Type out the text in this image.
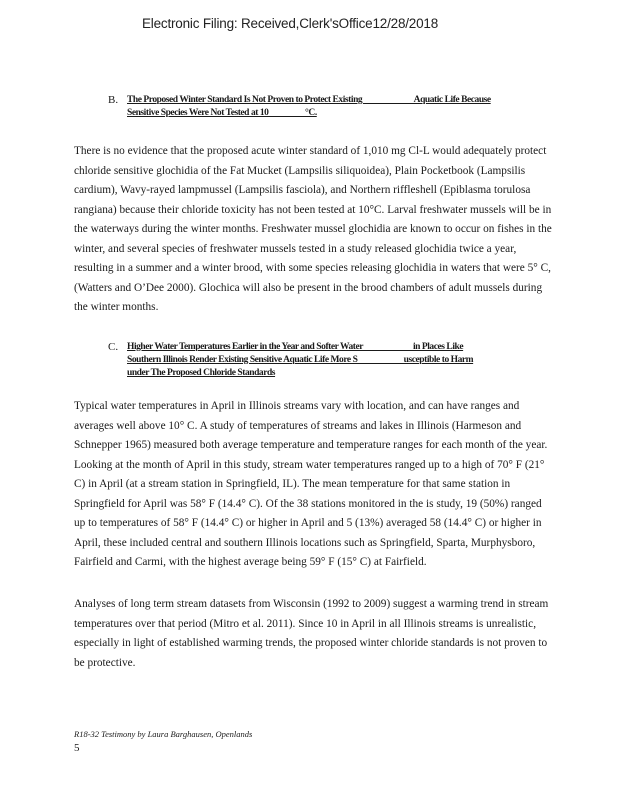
Electronic Filing: Received,Clerk'sOffice12/28/2018
B. The Proposed Winter Standard Is Not Proven to Protect Existing                           Aquatic Life Because
Sensitive Species Were Not Tested at 10                   °C.

There is no evidence that the proposed acute winter standard of 1,010 mg Cl-L would adequately protect chloride sensitive glochidia of the Fat Mucket (Lampsilis siliquoidea), Plain Pocketbook (Lampsilis cardium), Wavy-rayed lampmussel (Lampsilis fasciola), and Northern riffleshell (Epiblasma torulosa rangiana) because their chloride toxicity has not been tested at 10°C. Larval freshwater mussels will be in the waterways during the winter months. Freshwater mussel glochidia are known to occur on fishes in the winter, and several species of freshwater mussels tested in a study released glochidia twice a year, resulting in a summer and a winter brood, with some species releasing glochidia in waters that were 5° C, (Watters and O’Dee 2000). Glochica will also be present in the brood chambers of adult mussels during the winter months.

C. Higher Water Temperatures Earlier in the Year and Softer Water                          in Places Like
Southern Illinois Render Existing Sensitive Aquatic Life More S                        usceptible to Harm
under The Proposed Chloride Standards

Typical water temperatures in April in Illinois streams vary with location, and can have ranges and averages well above 10° C. A study of temperatures of streams and lakes in Illinois (Harmeson and Schnepper 1965) measured both average temperature and temperature ranges for each month of the year. Looking at the month of April in this study, stream water temperatures ranged up to a high of 70° F (21° C) in April (at a stream station in Springfield, IL). The mean temperature for that same station in Springfield for April was 58° F (14.4° C). Of the 38 stations monitored in the is study, 19 (50%) ranged up to temperatures of 58° F (14.4° C) or higher in April and 5 (13%) averaged 58 (14.4° C) or higher in April, these included central and southern Illinois locations such as Springfield, Sparta, Murphysboro, Fairfield and Carmi, with the highest average being 59° F (15° C) at Fairfield.

Analyses of long term stream datasets from Wisconsin (1992 to 2009) suggest a warming trend in stream temperatures over that period (Mitro et al. 2011). Since 10 in April in all Illinois streams is unrealistic, especially in light of established warming trends, the proposed winter chloride standards is not proven to be protective.

R18-32 Testimony by Laura Barghausen, Openlands
5
